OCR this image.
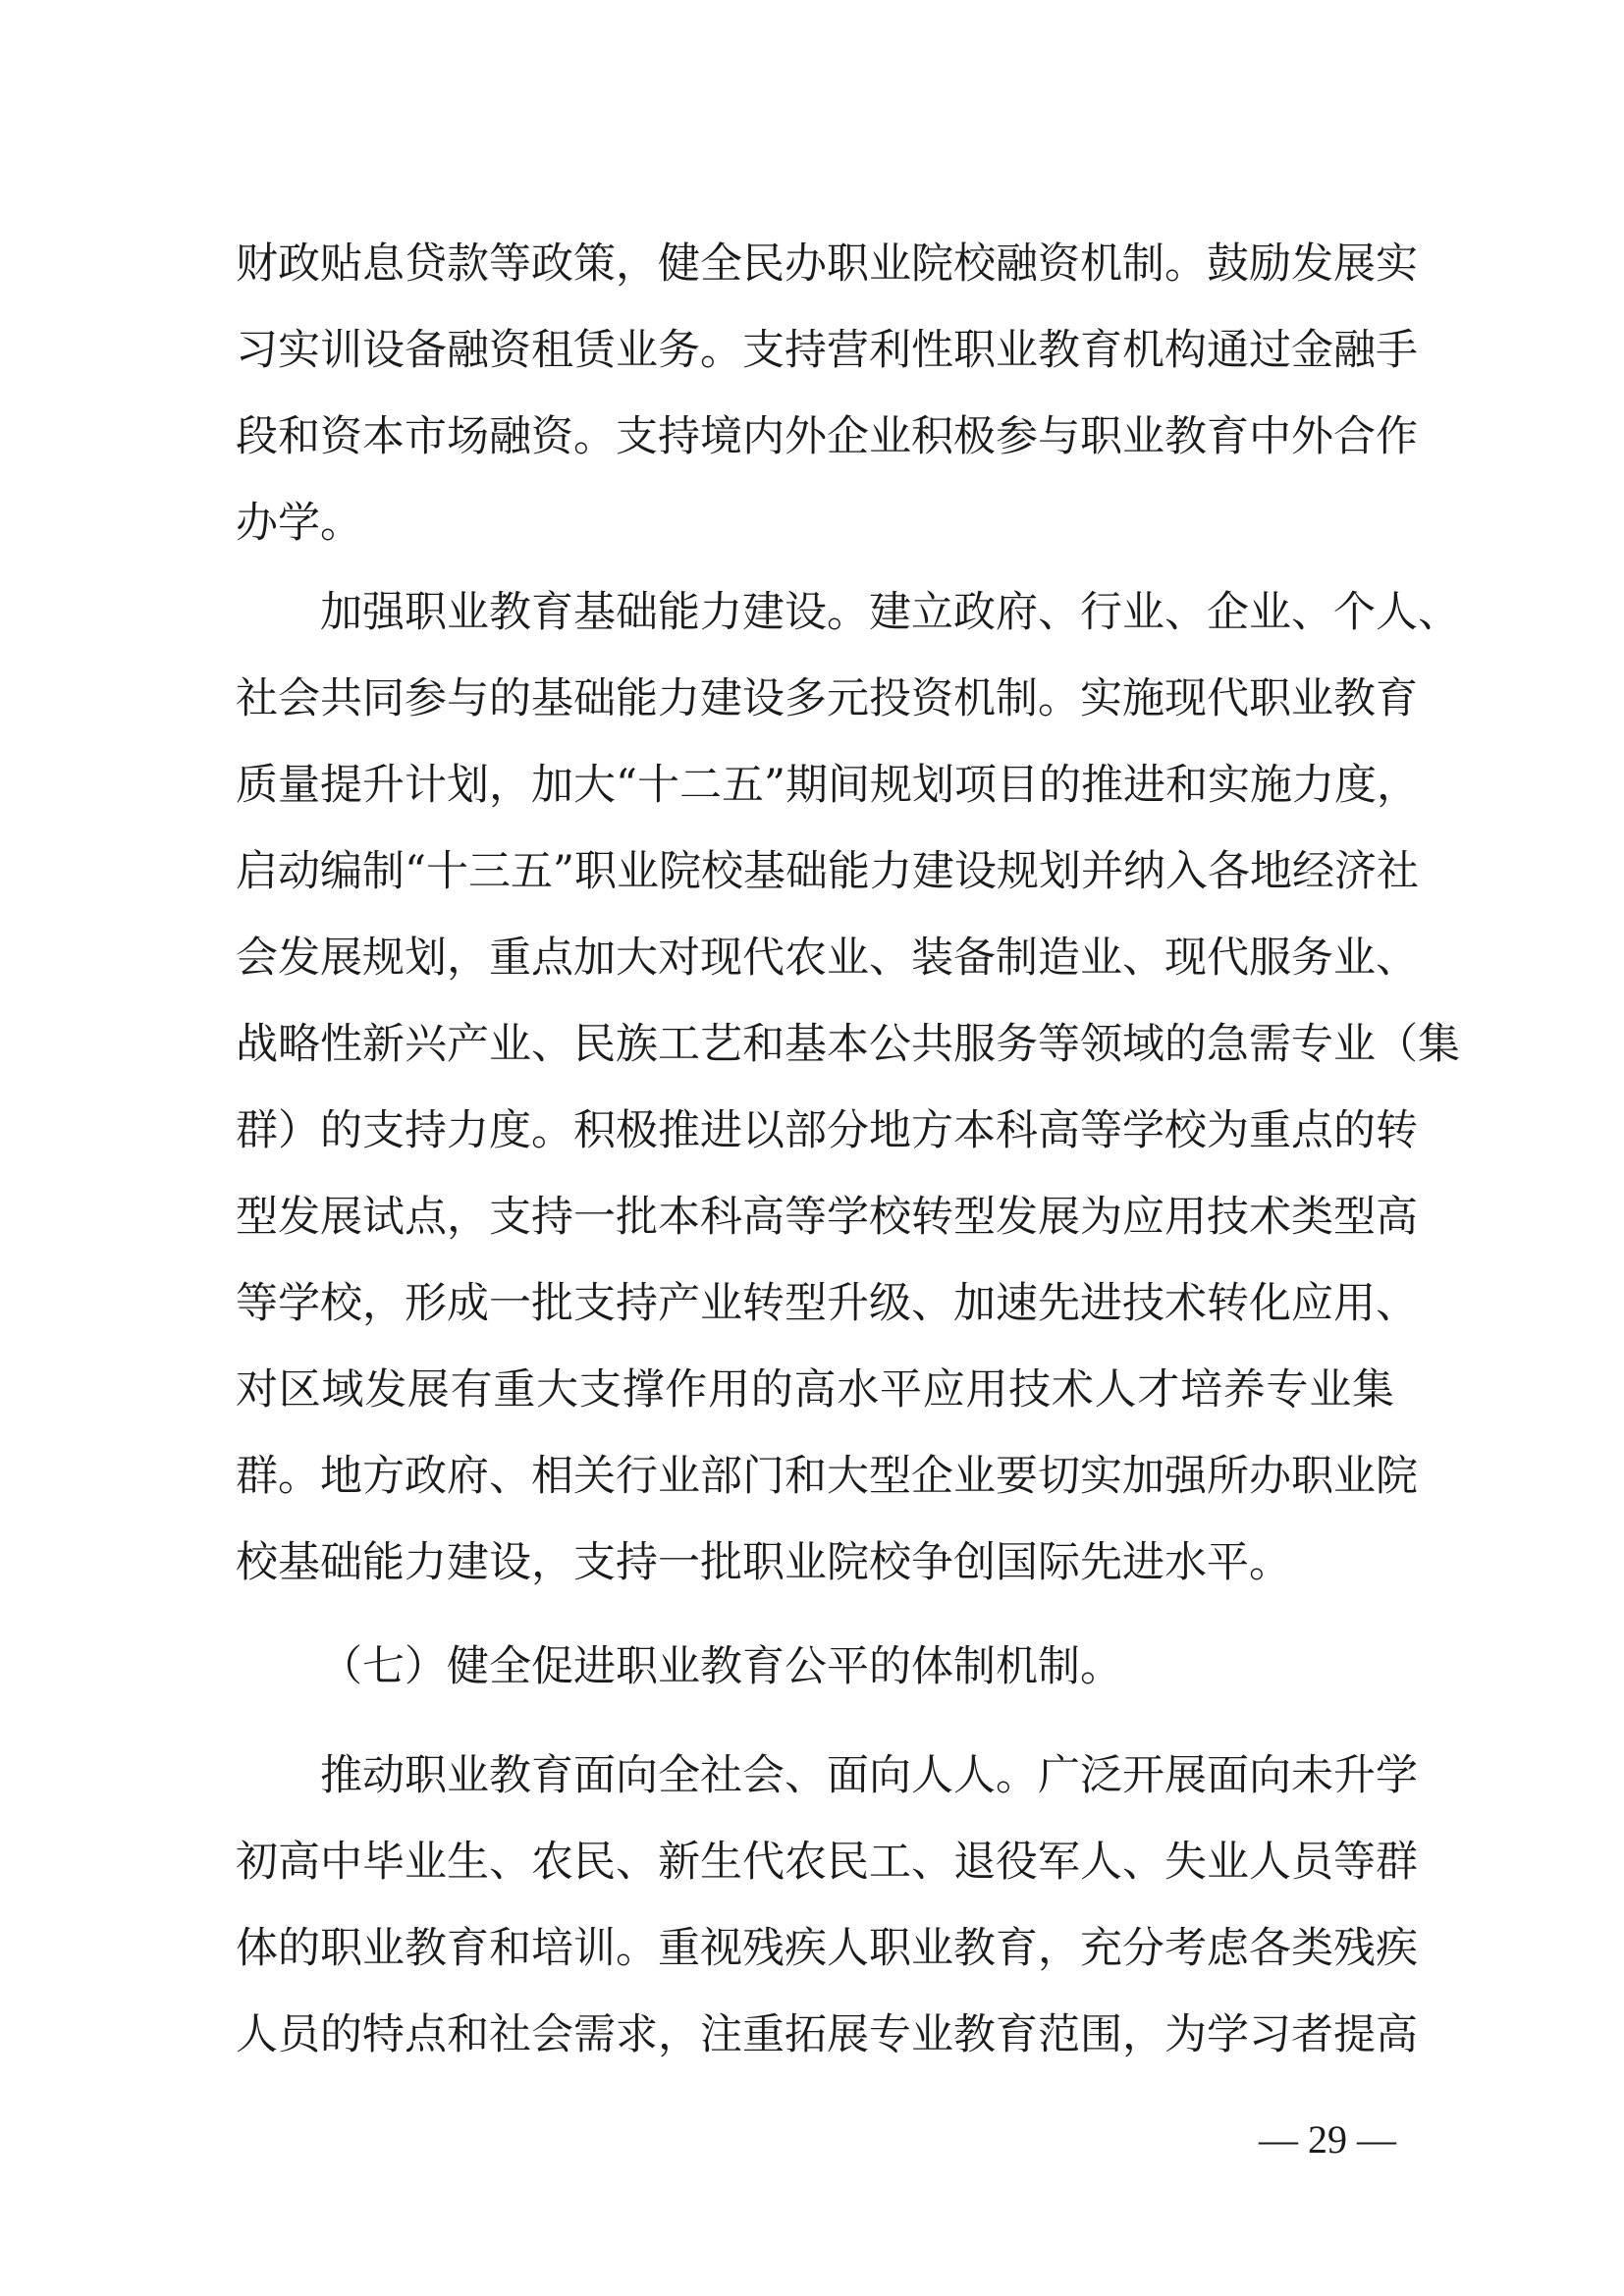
财政贴息贷款等政策，健全民办职业院校融资机制。鼓励发展实
习实训设备融资租赁业务。支持营利性职业教育机构通过金融手
段和资本市场融资。支持境内外企业积极参与职业教育中外合作
办学。
加强职业教育基础能力建设。建立政府、行业、企业、个人、
社会共同参与的基础能力建设多元投资机制。实施现代职业教育
质量提升计划，加大“十二五”期间规划项目的推进和实施力度，
启动编制“十三五”职业院校基础能力建设规划并纳入各地经济社
会发展规划，重点加大对现代农业、装备制造业、现代服务业、
战略性新兴产业、民族工艺和基本公共服务等领域的急需专业（集
群）的支持力度。积极推进以部分地方本科高等学校为重点的转
型发展试点，支持一批本科高等学校转型发展为应用技术类型高
等学校，形成一批支持产业转型升级、加速先进技术转化应用、
对区域发展有重大支撑作用的高水平应用技术人才培养专业集
群。地方政府、相关行业部门和大型企业要切实加强所办职业院
校基础能力建设，支持一批职业院校争创国际先进水平。
（七）健全促进职业教育公平的体制机制。
推动职业教育面向全社会、面向人人。广泛开展面向未升学
初高中毕业生、农民、新生代农民工、退役军人、失业人员等群
体的职业教育和培训。重视残疾人职业教育，充分考虑各类残疾
人员的特点和社会需求，注重拓展专业教育范围，为学习者提高
— 29 —
